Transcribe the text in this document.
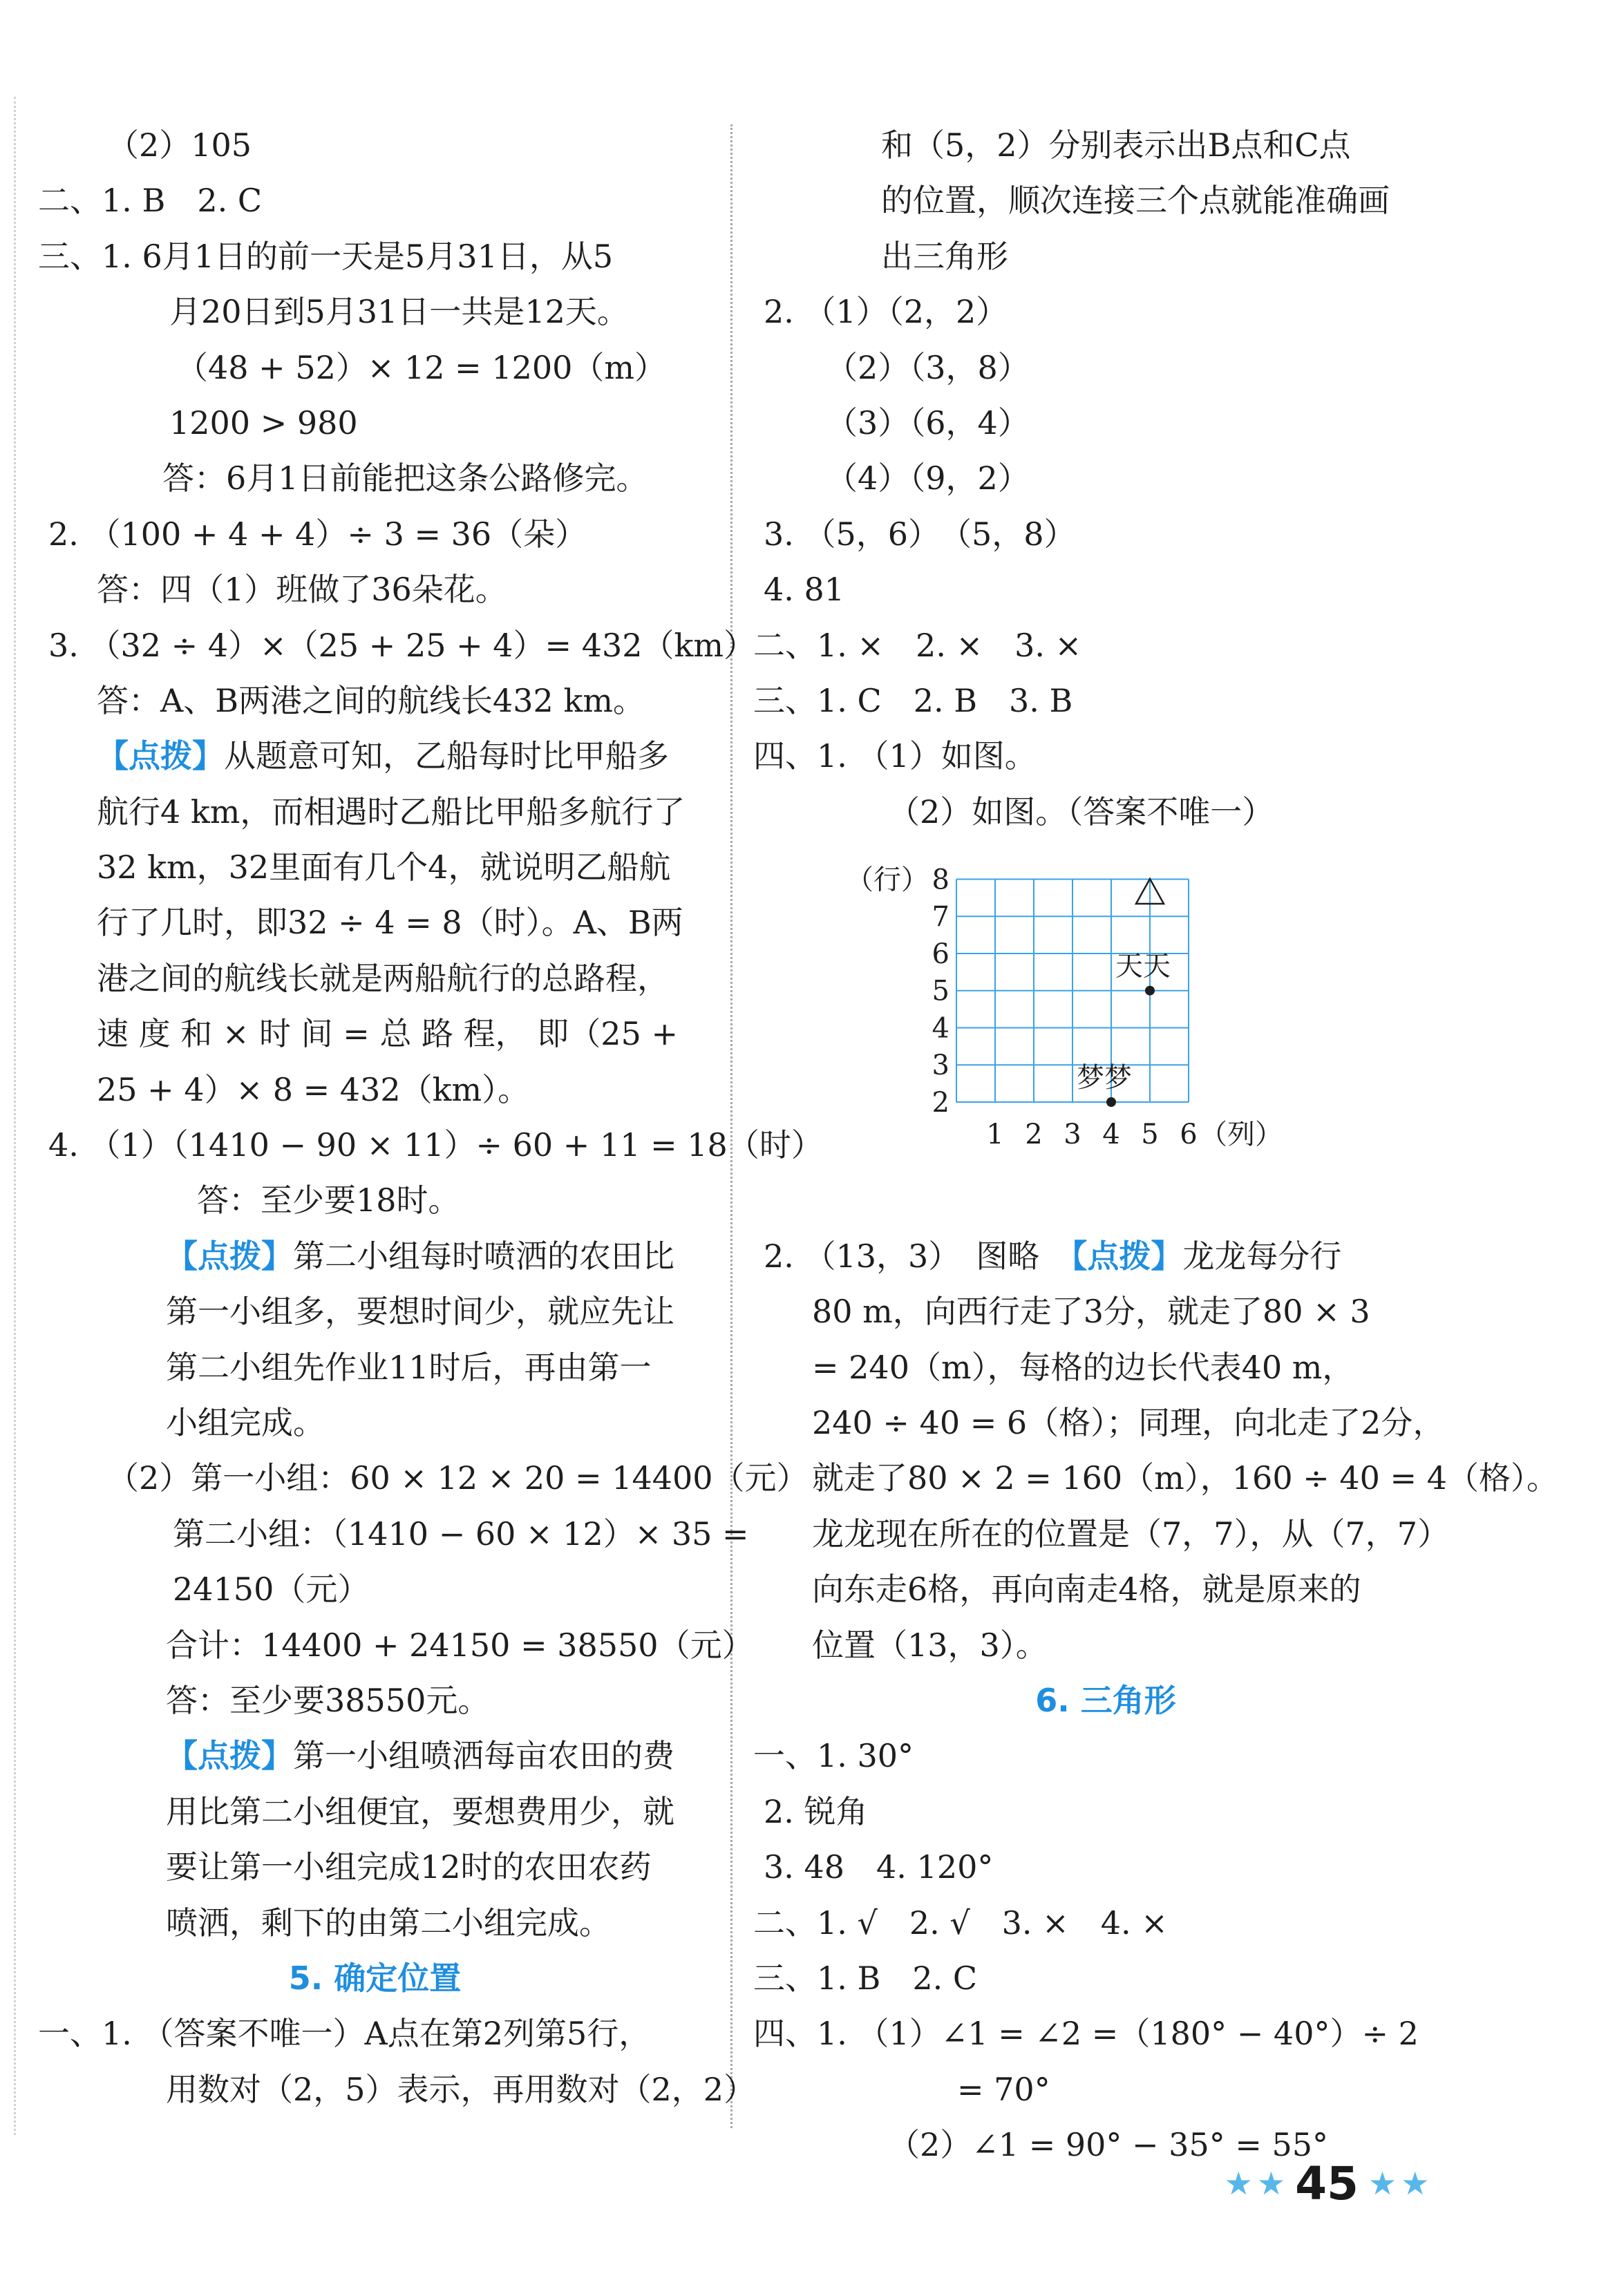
（2）105
二、1. B　2. C
三、1. 6月1日的前一天是5月31日，从5
月20日到5月31日一共是12天。
（48 + 52）× 12 = 1200（m）
1200 > 980
答：6月1日前能把这条公路修完。
2. （100 + 4 + 4）÷ 3 = 36（朵）
答：四（1）班做了36朵花。
3. （32 ÷ 4）×（25 + 25 + 4）= 432（km）
答：A、B两港之间的航线长432 km。
【点拨】从题意可知，乙船每时比甲船多
航行4 km，而相遇时乙船比甲船多航行了
32 km，32里面有几个4，就说明乙船航
行了几时，即32 ÷ 4 = 8（时）。A、B两
港之间的航线长就是两船航行的总路程，
速 度 和 × 时 间 = 总 路 程， 即（25 +
25 + 4）× 8 = 432（km）。
4. （1）（1410 − 90 × 11）÷ 60 + 11 = 18（时）
答：至少要18时。
【点拨】第二小组每时喷洒的农田比
第一小组多，要想时间少，就应先让
第二小组先作业11时后，再由第一
小组完成。
（2）第一小组：60 × 12 × 20 = 14400（元）
第二小组：（1410 − 60 × 12）× 35 =
24150（元）
合计：14400 + 24150 = 38550（元）
答：至少要38550元。
【点拨】第一小组喷洒每亩农田的费
用比第二小组便宜，要想费用少，就
要让第一小组完成12时的农田农药
喷洒，剩下的由第二小组完成。
5. 确定位置
一、1. （答案不唯一）A点在第2列第5行，
用数对（2，5）表示，再用数对（2，2）
和（5，2）分别表示出B点和C点
的位置，顺次连接三个点就能准确画
出三角形
2. （1）（2，2）
（2）（3，8）
（3）（6，4）
（4）（9，2）
3. （5，6）　（5，8）
4. 81
二、1. ×　2. ×　3. ×
三、1. C　2. B　3. B
四、1. （1）如图。
（2）如图。（答案不唯一）
2. （13，3）　图略　【点拨】龙龙每分行
80 m，向西行走了3分，就走了80 × 3
= 240（m），每格的边长代表40 m，
240 ÷ 40 = 6（格）；同理，向北走了2分，
就走了80 × 2 = 160（m），160 ÷ 40 = 4（格）。
龙龙现在所在的位置是（7，7），从（7，7）
向东走6格，再向南走4格，就是原来的
位置（13，3）。
6. 三角形
一、1. 30°
2. 锐角
3. 48　4. 120°
二、1. √　2. √　3. ×　4. ×
三、1. B　2. C
四、1. （1）∠1 = ∠2 =（180° − 40°）÷ 2
= 70°
（2）∠1 = 90° − 35° = 55°
1 2 3 4 5 6 （列）
2
3
4
5
6
7
8
（行）
天天
梦梦
★ ★ 45 ★ ★
